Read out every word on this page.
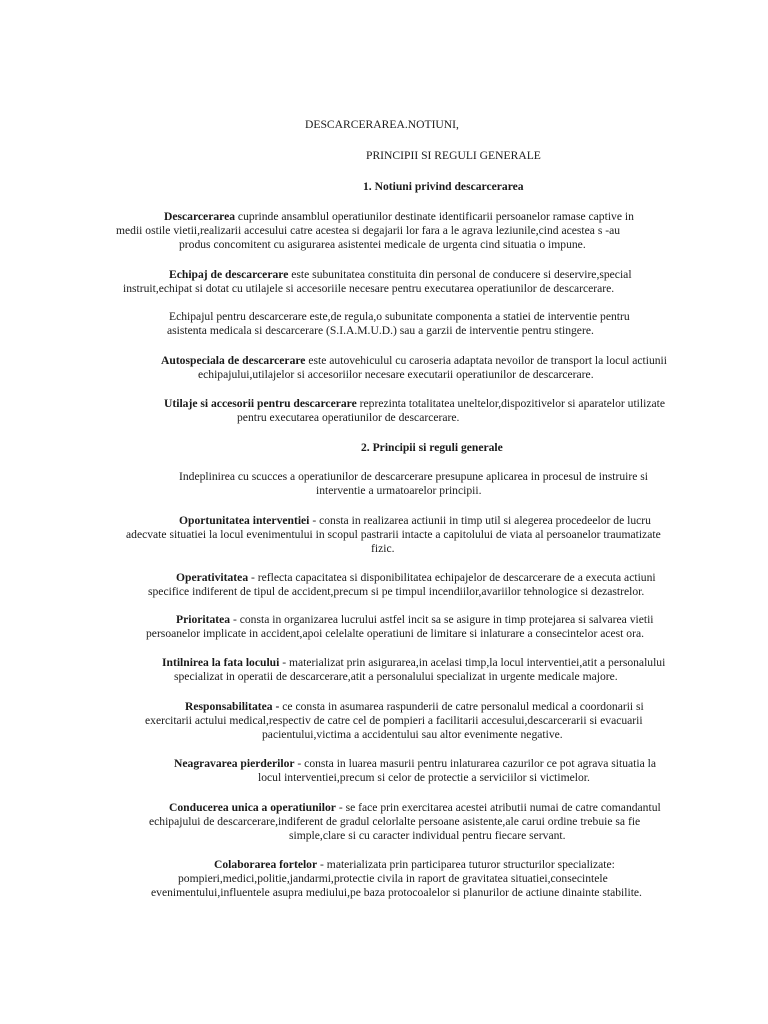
DESCARCERAREA.NOTIUNI,
PRINCIPII SI REGULI GENERALE
1. Notiuni privind descarcerarea
Descarcerarea cuprinde ansamblul operatiunilor destinate identificarii persoanelor ramase captive in
medii ostile vietii,realizarii accesului catre acestea si degajarii lor fara a le agrava leziunile,cind acestea s -au
produs concomitent cu asigurarea asistentei medicale de urgenta cind situatia o impune.
Echipaj de descarcerare este subunitatea constituita din personal de conducere si deservire,special
instruit,echipat si dotat cu utilajele si accesoriile necesare pentru executarea operatiunilor de descarcerare.
Echipajul pentru descarcerare este,de regula,o subunitate componenta a statiei de interventie pentru
asistenta medicala si descarcerare (S.I.A.M.U.D.) sau a garzii de interventie pentru stingere.
Autospeciala de descarcerare este autovehiculul cu caroseria adaptata nevoilor de transport la locul actiunii
echipajului,utilajelor si accesoriilor necesare executarii operatiunilor de descarcerare.
Utilaje si accesorii pentru descarcerare reprezinta totalitatea uneltelor,dispozitivelor si aparatelor utilizate
pentru executarea operatiunilor de descarcerare.
2. Principii si reguli generale
Indeplinirea cu scucces a operatiunilor de descarcerare presupune aplicarea in procesul de instruire si
interventie a urmatoarelor principii.
Oportunitatea interventiei - consta in realizarea actiunii in timp util si alegerea procedeelor de lucru
adecvate situatiei la locul evenimentului in scopul pastrarii intacte a capitolului de viata al persoanelor traumatizate
fizic.
Operativitatea - reflecta capacitatea si disponibilitatea echipajelor de descarcerare de a executa actiuni
specifice indiferent de tipul de accident,precum si pe timpul incendiilor,avariilor tehnologice si dezastrelor.
Prioritatea - consta in organizarea lucrului astfel incit sa se asigure in timp protejarea si salvarea vietii
persoanelor implicate in accident,apoi celelalte operatiuni de limitare si inlaturare a consecintelor acest ora.
Intilnirea la fata locului - materializat prin asigurarea,in acelasi timp,la locul interventiei,atit a personalului
specializat in operatii de descarcerare,atit a personalului specializat in urgente medicale majore.
Responsabilitatea - ce consta in asumarea raspunderii de catre personalul medical a coordonarii si
exercitarii actului medical,respectiv de catre cel de pompieri a facilitarii accesului,descarcerarii si evacuarii
pacientului,victima a accidentului sau altor evenimente negative.
Neagravarea pierderilor - consta in luarea masurii pentru inlaturarea cazurilor ce pot agrava situatia la
locul interventiei,precum si celor de protectie a serviciilor si victimelor.
Conducerea unica a operatiunilor - se face prin exercitarea acestei atributii numai de catre comandantul
echipajului de descarcerare,indiferent de gradul celorlalte persoane asistente,ale carui ordine trebuie sa fie
simple,clare si cu caracter individual pentru fiecare servant.
Colaborarea fortelor - materializata prin participarea tuturor structurilor specializate:
pompieri,medici,politie,jandarmi,protectie civila in raport de gravitatea situatiei,consecintele
evenimentului,influentele asupra mediului,pe baza protocoalelor si planurilor de actiune dinainte stabilite.
